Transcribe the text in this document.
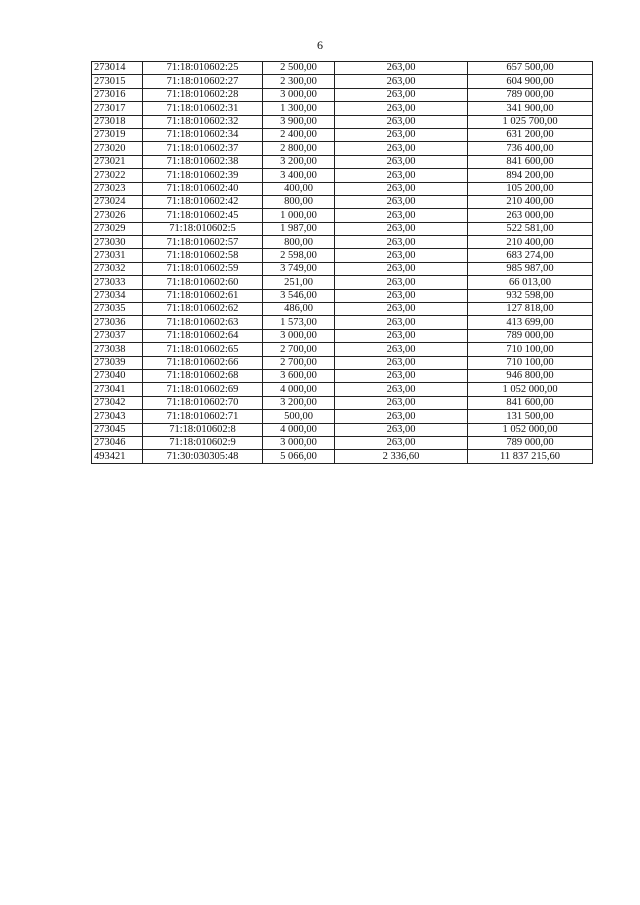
6
273014	71:18:010602:25	2 500,00	263,00	657 500,00
273015	71:18:010602:27	2 300,00	263,00	604 900,00
273016	71:18:010602:28	3 000,00	263,00	789 000,00
273017	71:18:010602:31	1 300,00	263,00	341 900,00
273018	71:18:010602:32	3 900,00	263,00	1 025 700,00
273019	71:18:010602:34	2 400,00	263,00	631 200,00
273020	71:18:010602:37	2 800,00	263,00	736 400,00
273021	71:18:010602:38	3 200,00	263,00	841 600,00
273022	71:18:010602:39	3 400,00	263,00	894 200,00
273023	71:18:010602:40	400,00	263,00	105 200,00
273024	71:18:010602:42	800,00	263,00	210 400,00
273026	71:18:010602:45	1 000,00	263,00	263 000,00
273029	71:18:010602:5	1 987,00	263,00	522 581,00
273030	71:18:010602:57	800,00	263,00	210 400,00
273031	71:18:010602:58	2 598,00	263,00	683 274,00
273032	71:18:010602:59	3 749,00	263,00	985 987,00
273033	71:18:010602:60	251,00	263,00	66 013,00
273034	71:18:010602:61	3 546,00	263,00	932 598,00
273035	71:18:010602:62	486,00	263,00	127 818,00
273036	71:18:010602:63	1 573,00	263,00	413 699,00
273037	71:18:010602:64	3 000,00	263,00	789 000,00
273038	71:18:010602:65	2 700,00	263,00	710 100,00
273039	71:18:010602:66	2 700,00	263,00	710 100,00
273040	71:18:010602:68	3 600,00	263,00	946 800,00
273041	71:18:010602:69	4 000,00	263,00	1 052 000,00
273042	71:18:010602:70	3 200,00	263,00	841 600,00
273043	71:18:010602:71	500,00	263,00	131 500,00
273045	71:18:010602:8	4 000,00	263,00	1 052 000,00
273046	71:18:010602:9	3 000,00	263,00	789 000,00
493421	71:30:030305:48	5 066,00	2 336,60	11 837 215,60
